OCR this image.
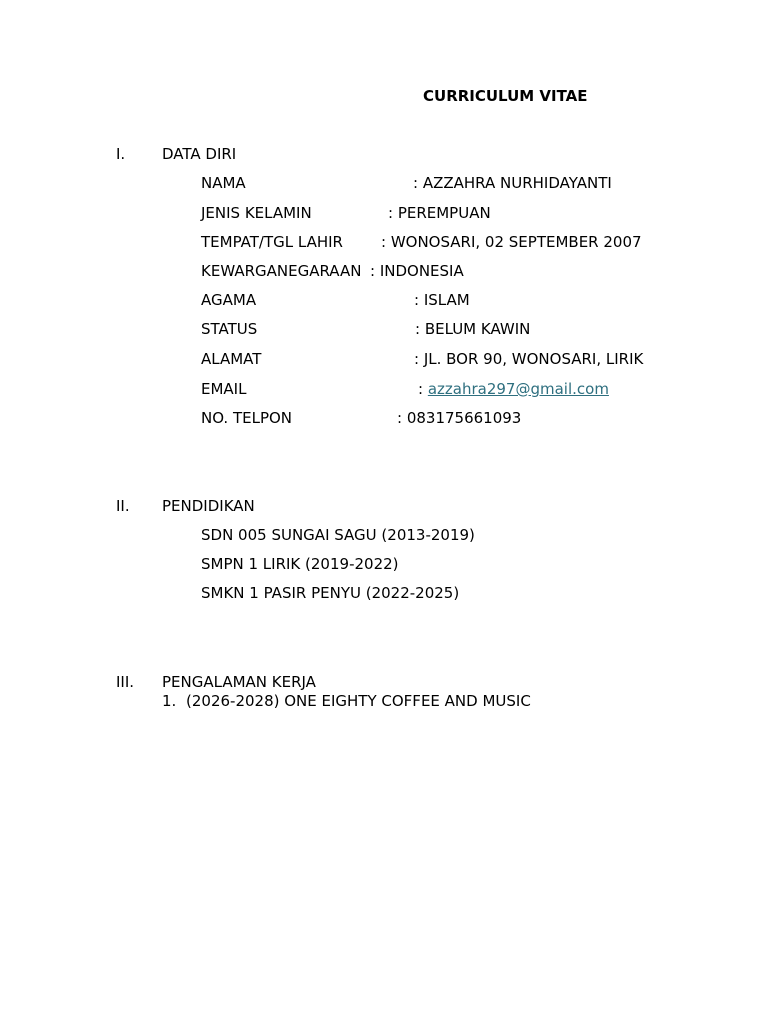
CURRICULUM VITAE
I. DATA DIRI
NAMA	: AZZAHRA NURHIDAYANTI
JENIS KELAMIN	: PEREMPUAN
TEMPAT/TGL LAHIR	: WONOSARI, 02 SEPTEMBER 2007
KEWARGANEGARAAN : INDONESIA
AGAMA	: ISLAM
STATUS	: BELUM KAWIN
ALAMAT	: JL. BOR 90, WONOSARI, LIRIK
EMAIL	: azzahra297@gmail.com
NO. TELPON	: 083175661093
II. PENDIDIKAN
SDN 005 SUNGAI SAGU (2013-2019)
SMPN 1 LIRIK (2019-2022)
SMKN 1 PASIR PENYU (2022-2025)
III. PENGALAMAN KERJA
1. (2026-2028) ONE EIGHTY COFFEE AND MUSIC
